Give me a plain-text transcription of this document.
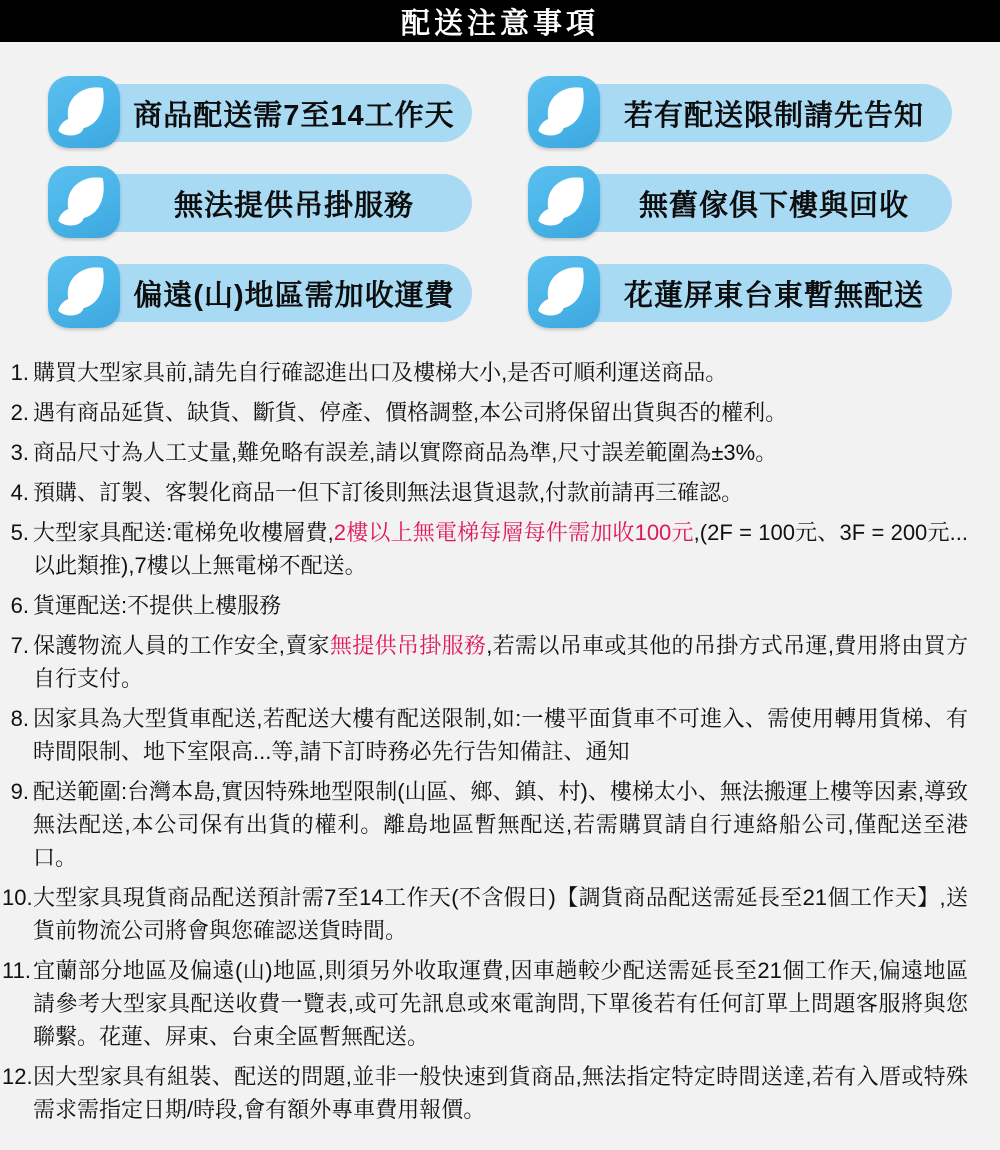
配送注意事項
商品配送需7至14工作天	若有配送限制請先告知
無法提供吊掛服務	無舊傢俱下樓與回收
偏遠(山)地區需加收運費	花蓮屏東台東暫無配送
1. 購買大型家具前,請先自行確認進出口及樓梯大小,是否可順利運送商品。
2. 遇有商品延貨、缺貨、斷貨、停產、價格調整,本公司將保留出貨與否的權利。
3. 商品尺寸為人工丈量,難免略有誤差,請以實際商品為準,尺寸誤差範圍為±3%。
4. 預購、訂製、客製化商品一但下訂後則無法退貨退款,付款前請再三確認。
5. 大型家具配送:電梯免收樓層費,2樓以上無電梯每層每件需加收100元,(2F = 100元、3F = 200元...以此類推),7樓以上無電梯不配送。
6. 貨運配送:不提供上樓服務
7. 保護物流人員的工作安全,賣家無提供吊掛服務,若需以吊車或其他的吊掛方式吊運,費用將由買方自行支付。
8. 因家具為大型貨車配送,若配送大樓有配送限制,如:一樓平面貨車不可進入、需使用轉用貨梯、有時間限制、地下室限高...等,請下訂時務必先行告知備註、通知
9. 配送範圍:台灣本島,實因特殊地型限制(山區、鄉、鎮、村)、樓梯太小、無法搬運上樓等因素,導致無法配送,本公司保有出貨的權利。離島地區暫無配送,若需購買請自行連絡船公司,僅配送至港口。
10. 大型家具現貨商品配送預計需7至14工作天(不含假日)【調貨商品配送需延長至21個工作天】,送貨前物流公司將會與您確認送貨時間。
11. 宜蘭部分地區及偏遠(山)地區,則須另外收取運費,因車趟較少配送需延長至21個工作天,偏遠地區請參考大型家具配送收費一覽表,或可先訊息或來電詢問,下單後若有任何訂單上問題客服將與您聯繫。花蓮、屏東、台東全區暫無配送。
12. 因大型家具有組裝、配送的問題,並非一般快速到貨商品,無法指定特定時間送達,若有入厝或特殊需求需指定日期/時段,會有額外專車費用報價。
